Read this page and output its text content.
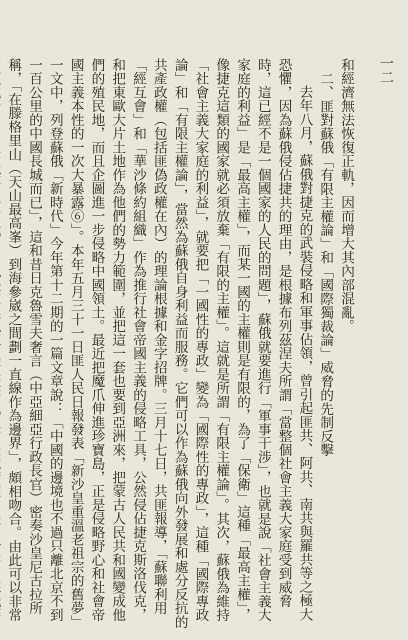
一二

和經濟無法恢復正軌，因而增大其內部混亂。

二、匪對蘇俄「有限主權論」和「國際獨裁論」威脅的先制反擊

去年八月，蘇俄對捷克的武裝侵略和軍事佔領，曾引起匪共、阿共、南共與羅共等之極大恐懼，因為蘇俄侵佔捷共的理由，是根據布列茲涅夫所謂「當整個社會主義大家庭受到威脅時，這已經不是一個國家的人民的問題」，蘇俄就要進行「軍事干涉」，也就是說「社會主義大家庭的利益」是「最高主權」，而某一國的主權則是有限的，為了「保衛」這種「最高主權」，像捷克這類的國家就必須放棄「有限的主權」。這就是所謂「有限主權論」。其次，蘇俄為維持「社會主義大家庭的利益」，就要把「一國性的專政」變為「國際性的專政」，這種「國際專政論」和「有限主權論」，當然為蘇俄自身利益而服務。它們可以作為蘇俄向外發展和處分反抗的共產政權（包括匪偽政權在內）的理論根據和金字招牌。三月十七日，共匪報導，「蘇聯利用「經互會」和「華沙條約組織」作為推行社會帝國主義的侵略工具，公然侵佔捷克斯洛伐克，和把東歐大片土地作為他們的勢力範圍，並把這一套也要到亞洲來，把蒙古人民共和國變成他們的殖民地，而且企圖進一步侵略中國領土。最近把魔爪伸進珍寶島，正是侵略野心和社會帝國主義本性的一次大暴露⑥」。本年五月三十一日匪人民日報發表「新沙皇重溫老祖宗的舊夢」一文中，列登蘇俄「新時代」今年第十二期的一篇文章說：「中國的邊境也不過只離北京不到一百公里的中國長城而已」，這和昔日克魯雪夫奢言（中亞細亞行政長官）密奏沙皇尼古拉所稱，「在滕格里山（天山最高峯）到海參崴之間劃一直線作為邊界」，頗相吻合。由此可以非常
